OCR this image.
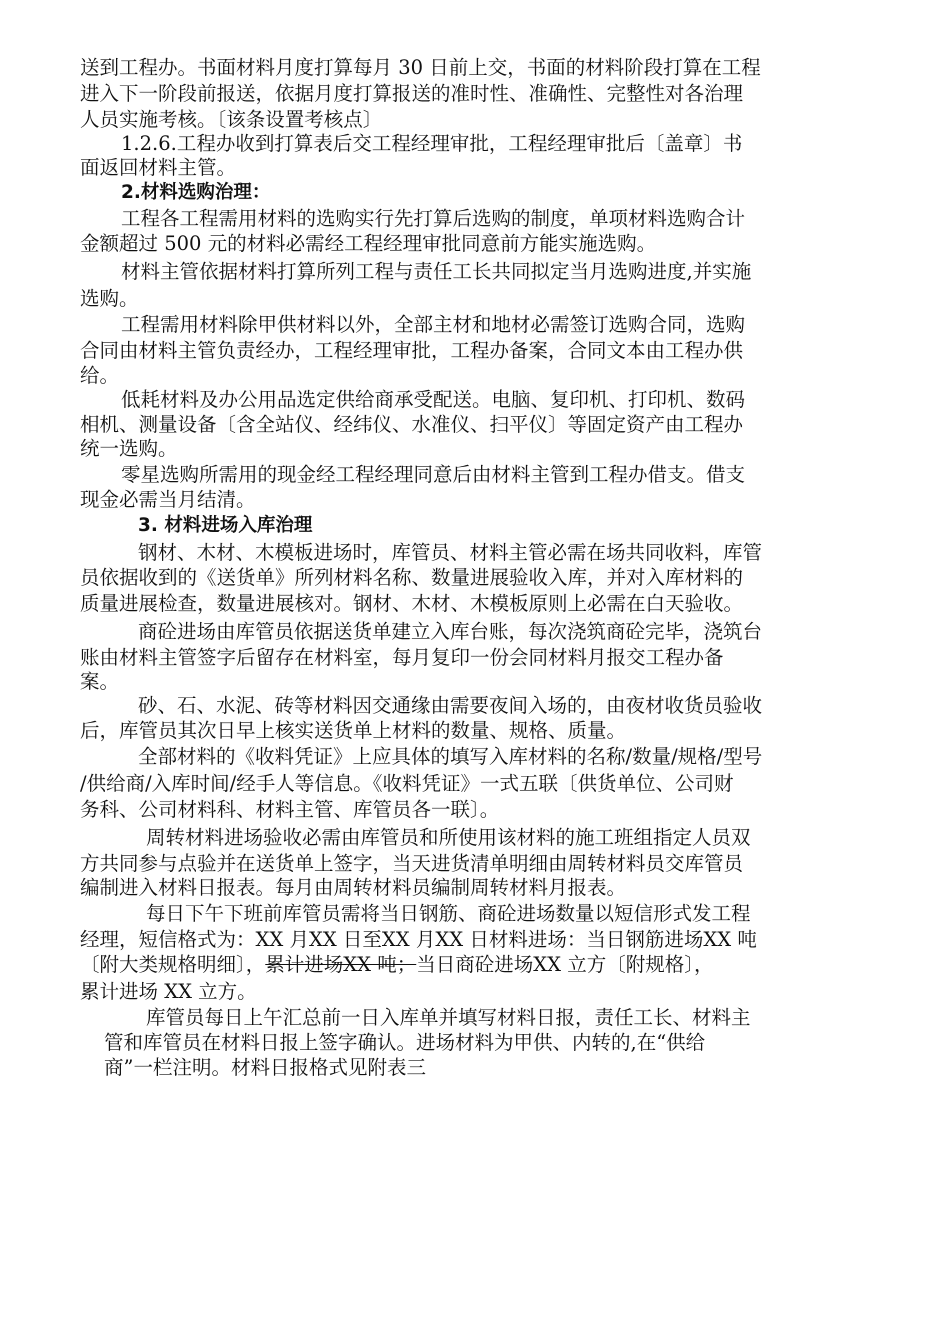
送到工程办。书面材料月度打算每月 30 日前上交，书面的材料阶段打算在工程
进入下一阶段前报送，依据月度打算报送的准时性、准确性、完整性对各治理
人员实施考核。〔该条设置考核点〕
1.2.6.工程办收到打算表后交工程经理审批，工程经理审批后〔盖章〕书
面返回材料主管。
2.材料选购治理：
工程各工程需用材料的选购实行先打算后选购的制度，单项材料选购合计
金额超过 500 元的材料必需经工程经理审批同意前方能实施选购。
材料主管依据材料打算所列工程与责任工长共同拟定当月选购进度,并实施
选购。
工程需用材料除甲供材料以外，全部主材和地材必需签订选购合同，选购
合同由材料主管负责经办，工程经理审批，工程办备案，合同文本由工程办供
给。
低耗材料及办公用品选定供给商承受配送。电脑、复印机、打印机、数码
相机、测量设备〔含全站仪、经纬仪、水准仪、扫平仪〕等固定资产由工程办
统一选购。
零星选购所需用的现金经工程经理同意后由材料主管到工程办借支。借支
现金必需当月结清。
3. 材料进场入库治理
钢材、木材、木模板进场时，库管员、材料主管必需在场共同收料，库管
员依据收到的《送货单》所列材料名称、数量进展验收入库，并对入库材料的
质量进展检查，数量进展核对。钢材、木材、木模板原则上必需在白天验收。
商砼进场由库管员依据送货单建立入库台账，每次浇筑商砼完毕，浇筑台
账由材料主管签字后留存在材料室，每月复印一份会同材料月报交工程办备
案。
砂、石、水泥、砖等材料因交通缘由需要夜间入场的，由夜材收货员验收
后，库管员其次日早上核实送货单上材料的数量、规格、质量。
全部材料的《收料凭证》上应具体的填写入库材料的名称/数量/规格/型号
/供给商/入库时间/经手人等信息。《收料凭证》一式五联〔供货单位、公司财
务科、公司材料科、材料主管、库管员各一联〕。
周转材料进场验收必需由库管员和所使用该材料的施工班组指定人员双
方共同参与点验并在送货单上签字，当天进货清单明细由周转材料员交库管员
编制进入材料日报表。每月由周转材料员编制周转材料月报表。
每日下午下班前库管员需将当日钢筋、商砼进场数量以短信形式发工程
经理，短信格式为：XX 月XX 日至XX 月XX 日材料进场：当日钢筋进场XX 吨
〔附大类规格明细〕，累计进场XX 吨；当日商砼进场XX 立方〔附规格〕，
累计进场 XX 立方。
库管员每日上午汇总前一日入库单并填写材料日报，责任工长、材料主
管和库管员在材料日报上签字确认。进场材料为甲供、内转的,在“供给
商”一栏注明。材料日报格式见附表三
